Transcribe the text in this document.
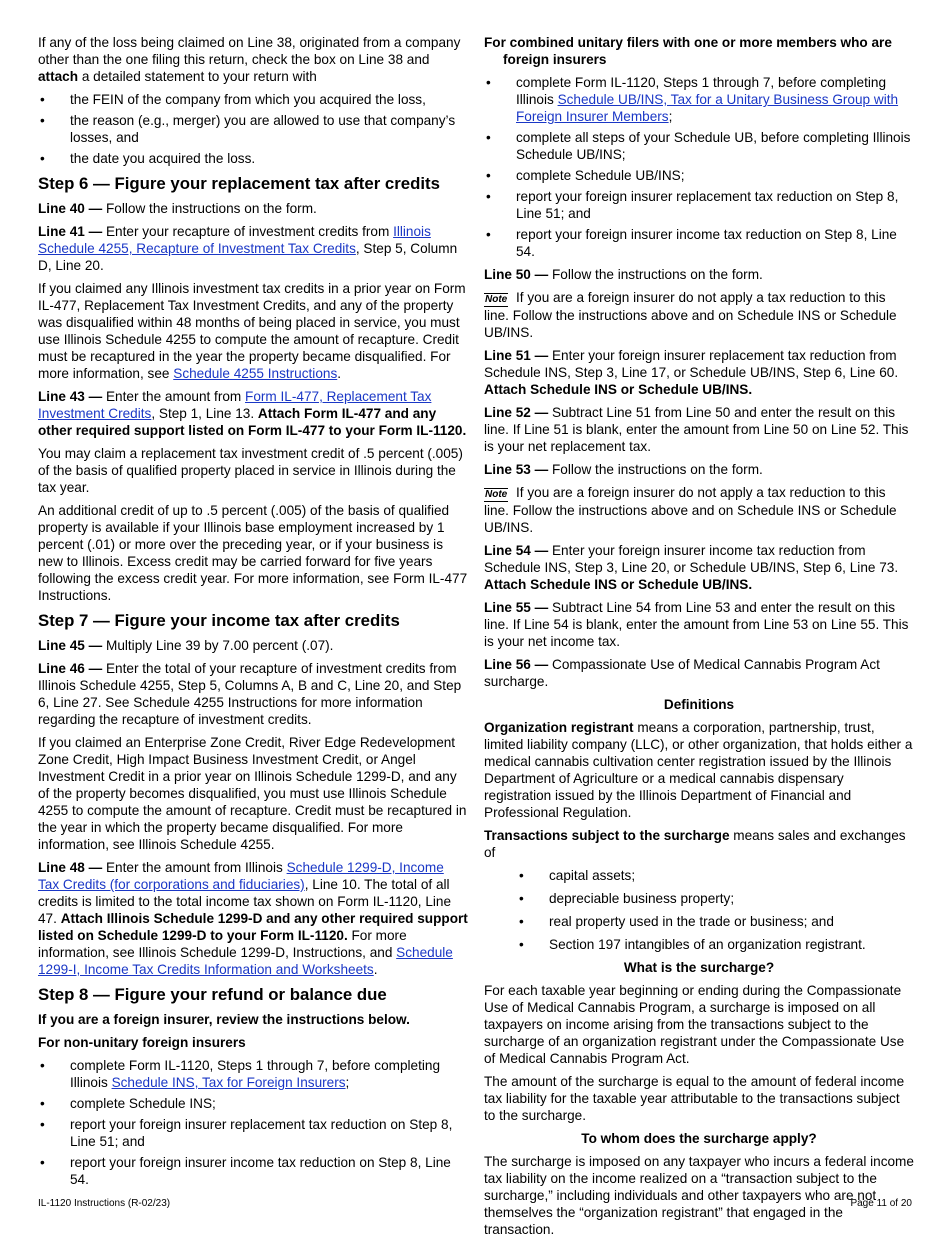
If any of the loss being claimed on Line 38, originated from a company other than the one filing this return, check the box on Line 38 and attach a detailed statement to your return with

• the FEIN of the company from which you acquired the loss,
• the reason (e.g., merger) you are allowed to use that company’s losses, and
• the date you acquired the loss.
Step 6 — Figure your replacement tax after credits

Line 40 — Follow the instructions on the form.

Line 41 — Enter your recapture of investment credits from Illinois Schedule 4255, Recapture of Investment Tax Credits, Step 5, Column D, Line 20.

If you claimed any Illinois investment tax credits in a prior year on Form IL-477, Replacement Tax Investment Credits, and any of the property was disqualified within 48 months of being placed in service, you must use Illinois Schedule 4255 to compute the amount of recapture. Credit must be recaptured in the year the property became disqualified. For more information, see Schedule 4255 Instructions.

Line 43 — Enter the amount from Form IL-477, Replacement Tax Investment Credits, Step 1, Line 13. Attach Form IL-477 and any other required support listed on Form IL-477 to your Form IL-1120.

You may claim a replacement tax investment credit of .5 percent (.005) of the basis of qualified property placed in service in Illinois during the tax year.

An additional credit of up to .5 percent (.005) of the basis of qualified property is available if your Illinois base employment increased by 1 percent (.01) or more over the preceding year, or if your business is new to Illinois. Excess credit may be carried forward for five years following the excess credit year. For more information, see Form IL-477 Instructions.

Step 7 — Figure your income tax after credits

Line 45 — Multiply Line 39 by 7.00 percent (.07).

Line 46 — Enter the total of your recapture of investment credits from Illinois Schedule 4255, Step 5, Columns A, B and C, Line 20, and Step 6, Line 27. See Schedule 4255 Instructions for more information regarding the recapture of investment credits.

If you claimed an Enterprise Zone Credit, River Edge Redevelopment Zone Credit, High Impact Business Investment Credit, or Angel Investment Credit in a prior year on Illinois Schedule 1299-D, and any of the property becomes disqualified, you must use Illinois Schedule 4255 to compute the amount of recapture. Credit must be recaptured in the year in which the property became disqualified. For more information, see Illinois Schedule 4255.

Line 48 — Enter the amount from Illinois Schedule 1299-D, Income Tax Credits (for corporations and fiduciaries), Line 10. The total of all credits is limited to the total income tax shown on Form IL-1120, Line 47. Attach Illinois Schedule 1299-D and any other required support listed on Schedule 1299-D to your Form IL-1120. For more information, see Illinois Schedule 1299-D, Instructions, and Schedule 1299-I, Income Tax Credits Information and Worksheets.

Step 8 — Figure your refund or balance due

If you are a foreign insurer, review the instructions below.

For non-unitary foreign insurers

• complete Form IL-1120, Steps 1 through 7, before completing Illinois Schedule INS, Tax for Foreign Insurers;
• complete Schedule INS;
• report your foreign insurer replacement tax reduction on Step 8, Line 51; and
• report your foreign insurer income tax reduction on Step 8, Line 54.

For combined unitary filers with one or more members who are foreign insurers

• complete Form IL-1120, Steps 1 through 7, before completing Illinois Schedule UB/INS, Tax for a Unitary Business Group with Foreign Insurer Members;
• complete all steps of your Schedule UB, before completing Illinois Schedule UB/INS;
• complete Schedule UB/INS;
• report your foreign insurer replacement tax reduction on Step 8, Line 51; and
• report your foreign insurer income tax reduction on Step 8, Line 54.

Line 50 — Follow the instructions on the form.

Note If you are a foreign insurer do not apply a tax reduction to this line. Follow the instructions above and on Schedule INS or Schedule UB/INS.

Line 51 — Enter your foreign insurer replacement tax reduction from Schedule INS, Step 3, Line 17, or Schedule UB/INS, Step 6, Line 60. Attach Schedule INS or Schedule UB/INS.

Line 52 — Subtract Line 51 from Line 50 and enter the result on this line. If Line 51 is blank, enter the amount from Line 50 on Line 52. This is your net replacement tax.

Line 53 — Follow the instructions on the form.

Note If you are a foreign insurer do not apply a tax reduction to this line. Follow the instructions above and on Schedule INS or Schedule UB/INS.

Line 54 — Enter your foreign insurer income tax reduction from Schedule INS, Step 3, Line 20, or Schedule UB/INS, Step 6, Line 73. Attach Schedule INS or Schedule UB/INS.

Line 55 — Subtract Line 54 from Line 53 and enter the result on this line. If Line 54 is blank, enter the amount from Line 53 on Line 55. This is your net income tax.

Line 56 — Compassionate Use of Medical Cannabis Program Act surcharge.

Definitions

Organization registrant means a corporation, partnership, trust, limited liability company (LLC), or other organization, that holds either a medical cannabis cultivation center registration issued by the Illinois Department of Agriculture or a medical cannabis dispensary registration issued by the Illinois Department of Financial and Professional Regulation.

Transactions subject to the surcharge means sales and exchanges of

• capital assets;
• depreciable business property;
• real property used in the trade or business; and
• Section 197 intangibles of an organization registrant.

What is the surcharge?

For each taxable year beginning or ending during the Compassionate Use of Medical Cannabis Program, a surcharge is imposed on all taxpayers on income arising from the transactions subject to the surcharge of an organization registrant under the Compassionate Use of Medical Cannabis Program Act.

The amount of the surcharge is equal to the amount of federal income tax liability for the taxable year attributable to the transactions subject to the surcharge.

To whom does the surcharge apply?

The surcharge is imposed on any taxpayer who incurs a federal income tax liability on the income realized on a “transaction subject to the surcharge,” including individuals and other taxpayers who are not themselves the “organization registrant” that engaged in the transaction.

IL-1120 Instructions (R-02/23)	Page 11 of 20
